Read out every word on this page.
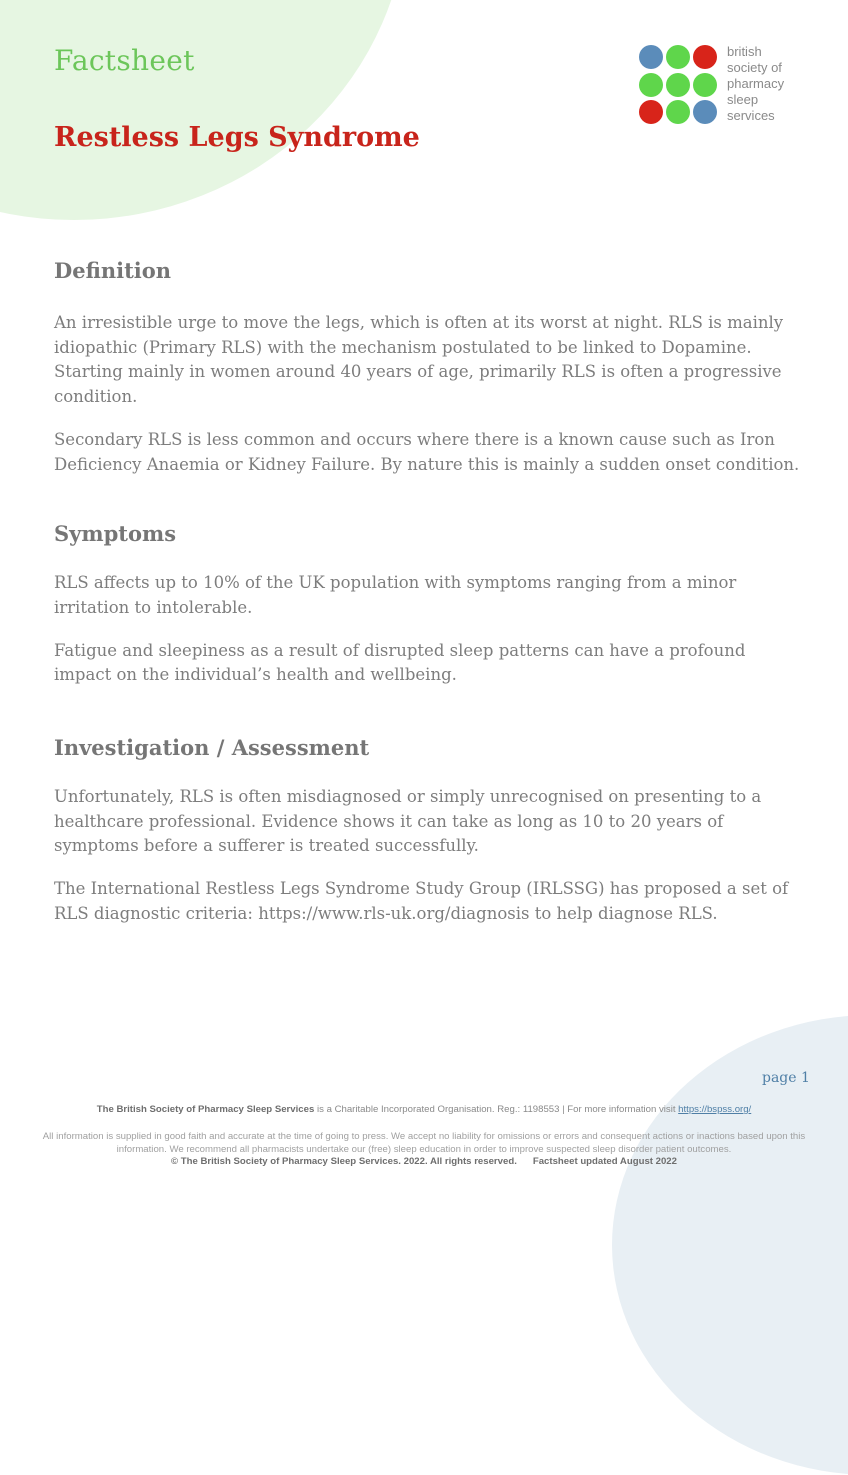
Factsheet
Restless Legs Syndrome
british
society of
pharmacy
sleep
services
Definition

An irresistible urge to move the legs, which is often at its worst at night. RLS is mainly idiopathic (Primary RLS) with the mechanism postulated to be linked to Dopamine. Starting mainly in women around 40 years of age, primarily RLS is often a progressive condition.

Secondary RLS is less common and occurs where there is a known cause such as Iron Deficiency Anaemia or Kidney Failure. By nature this is mainly a sudden onset condition.

Symptoms

RLS affects up to 10% of the UK population with symptoms ranging from a minor irritation to intolerable.

Fatigue and sleepiness as a result of disrupted sleep patterns can have a profound impact on the individual’s health and wellbeing.

Investigation / Assessment

Unfortunately, RLS is often misdiagnosed or simply unrecognised on presenting to a healthcare professional. Evidence shows it can take as long as 10 to 20 years of symptoms before a sufferer is treated successfully.

The International Restless Legs Syndrome Study Group (IRLSSG) has proposed a set of RLS diagnostic criteria: https://www.rls-uk.org/diagnosis to help diagnose RLS.

page 1
The British Society of Pharmacy Sleep Services is a Charitable Incorporated Organisation. Reg.: 1198553 | For more information visit https://bspss.org/
All information is supplied in good faith and accurate at the time of going to press. We accept no liability for omissions or errors and consequent actions or inactions based upon this information. We recommend all pharmacists undertake our (free) sleep education in order to improve suspected sleep disorder patient outcomes.
© The British Society of Pharmacy Sleep Services. 2022. All rights reserved. Factsheet updated August 2022
